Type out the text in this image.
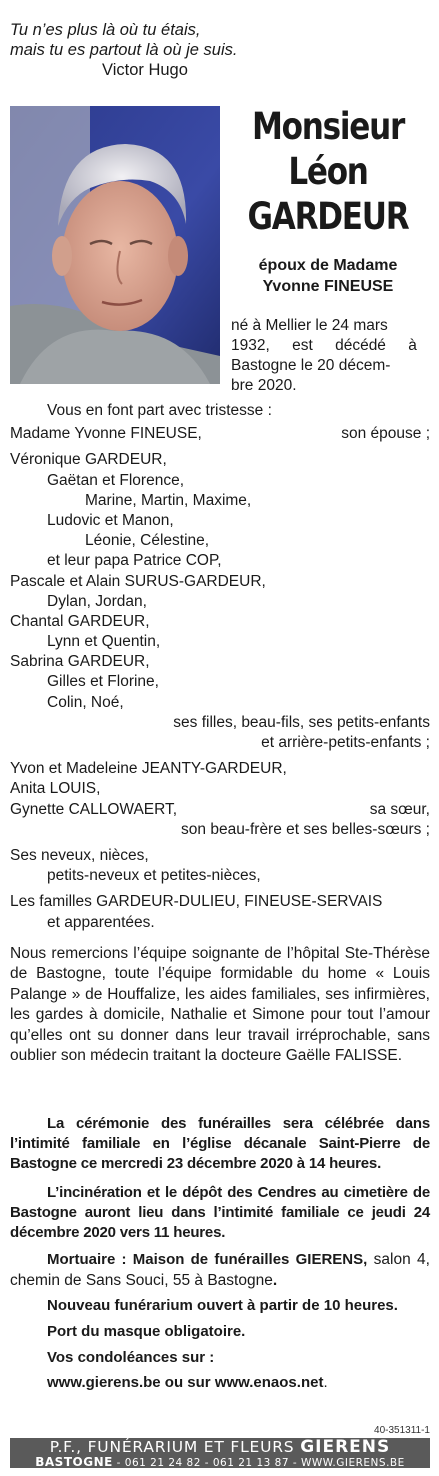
Tu n’es plus là où tu étais,
mais tu es partout là où je suis.
Victor Hugo
Monsieur
Léon
GARDEUR
époux de Madame
Yvonne FINEUSE
né à Mellier le 24 mars
1932, est décédé à
Bastogne le 20 décem-
bre 2020.
Vous en font part avec tristesse :
Madame Yvonne FINEUSE,	son épouse ;
Véronique GARDEUR,
Gaëtan et Florence,
Marine, Martin, Maxime,
Ludovic et Manon,
Léonie, Célestine,
et leur papa Patrice COP,
Pascale et Alain SURUS-GARDEUR,
Dylan, Jordan,
Chantal GARDEUR,
Lynn et Quentin,
Sabrina GARDEUR,
Gilles et Florine,
Colin, Noé,
ses filles, beau-fils, ses petits-enfants
et arrière-petits-enfants ;
Yvon et Madeleine JEANTY-GARDEUR,
Anita LOUIS,
Gynette CALLOWAERT,	sa sœur,
son beau-frère et ses belles-sœurs ;
Ses neveux, nièces,
petits-neveux et petites-nièces,
Les familles GARDEUR-DULIEU, FINEUSE-SERVAIS
et apparentées.
Nous remercions l’équipe soignante de l’hôpital Ste-Thérèse de Bastogne, toute l’équipe formidable du home « Louis Palange » de Houffalize, les aides familiales, ses infirmières, les gardes à domicile, Nathalie et Simone pour tout l’amour qu’elles ont su donner dans leur travail irréprochable, sans oublier son médecin traitant la docteure Gaëlle FALISSE.
La cérémonie des funérailles sera célébrée dans l’intimité familiale en l’église décanale Saint-Pierre de Bastogne ce mercredi 23 décembre 2020 à 14 heures.
L’incinération et le dépôt des Cendres au cimetière de Bastogne auront lieu dans l’intimité familiale ce jeudi 24 décembre 2020 vers 11 heures.
Mortuaire : Maison de funérailles GIERENS, salon 4, chemin de Sans Souci, 55 à Bastogne.
Nouveau funérarium ouvert à partir de 10 heures.
Port du masque obligatoire.
Vos condoléances sur :
www.gierens.be ou sur www.enaos.net.
40-351311-1
P.F., FUNÉRARIUM ET FLEURS GIERENS
BASTOGNE - 061 21 24 82 - 061 21 13 87 - WWW.GIERENS.BE
